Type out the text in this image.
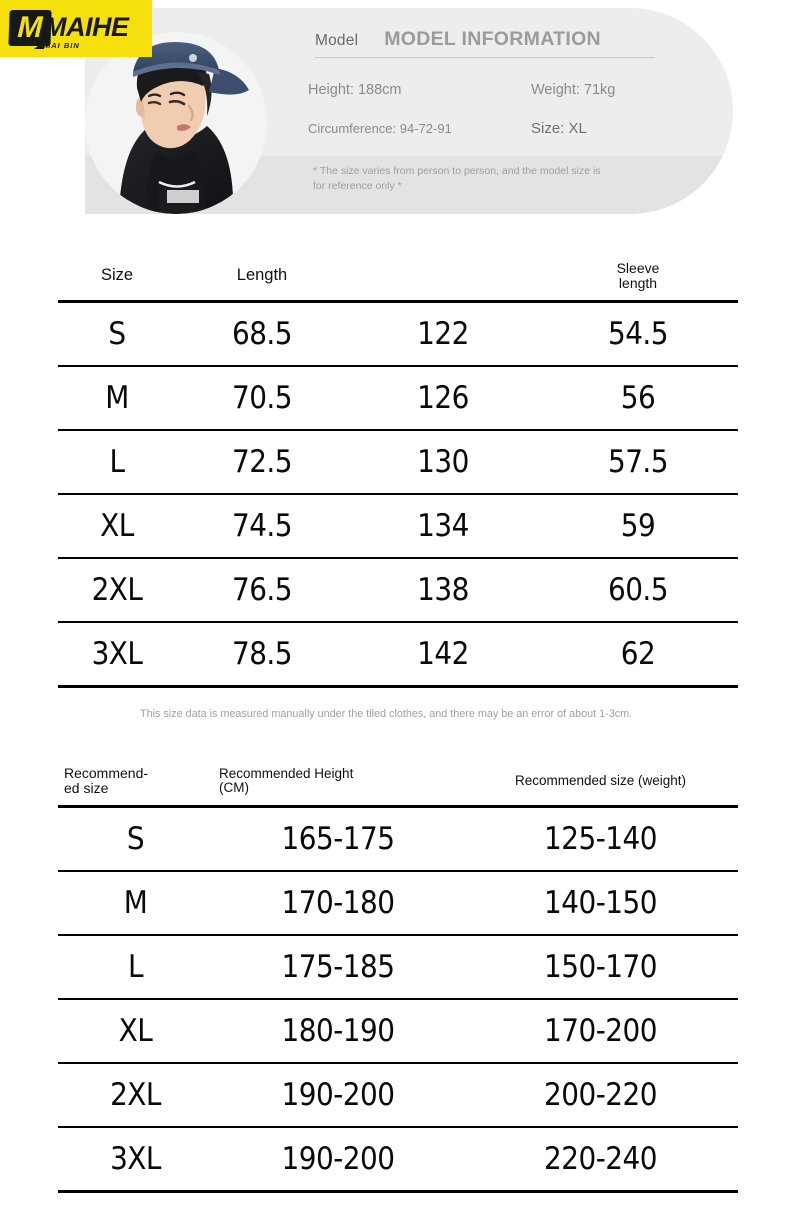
Model MODEL INFORMATION
Height: 188cm	Weight: 71kg
Circumference: 94-72-91	Size: XL
* The size varies from person to person, and the model size is for reference only *
M MAIHE
MAI BIN
Size	Length		Sleeve
length

S	68.5	122	54.5
M	70.5	126	56
L	72.5	130	57.5
XL	74.5	134	59
2XL	76.5	138	60.5
3XL	78.5	142	62
This size data is measured manually under the tiled clothes, and there may be an error of about 1-3cm.
Recommend-
ed size	Recommended Height
(CM)	Recommended size (weight)

S	165-175	125-140
M	170-180	140-150
L	175-185	150-170
XL	180-190	170-200
2XL	190-200	200-220
3XL	190-200	220-240
